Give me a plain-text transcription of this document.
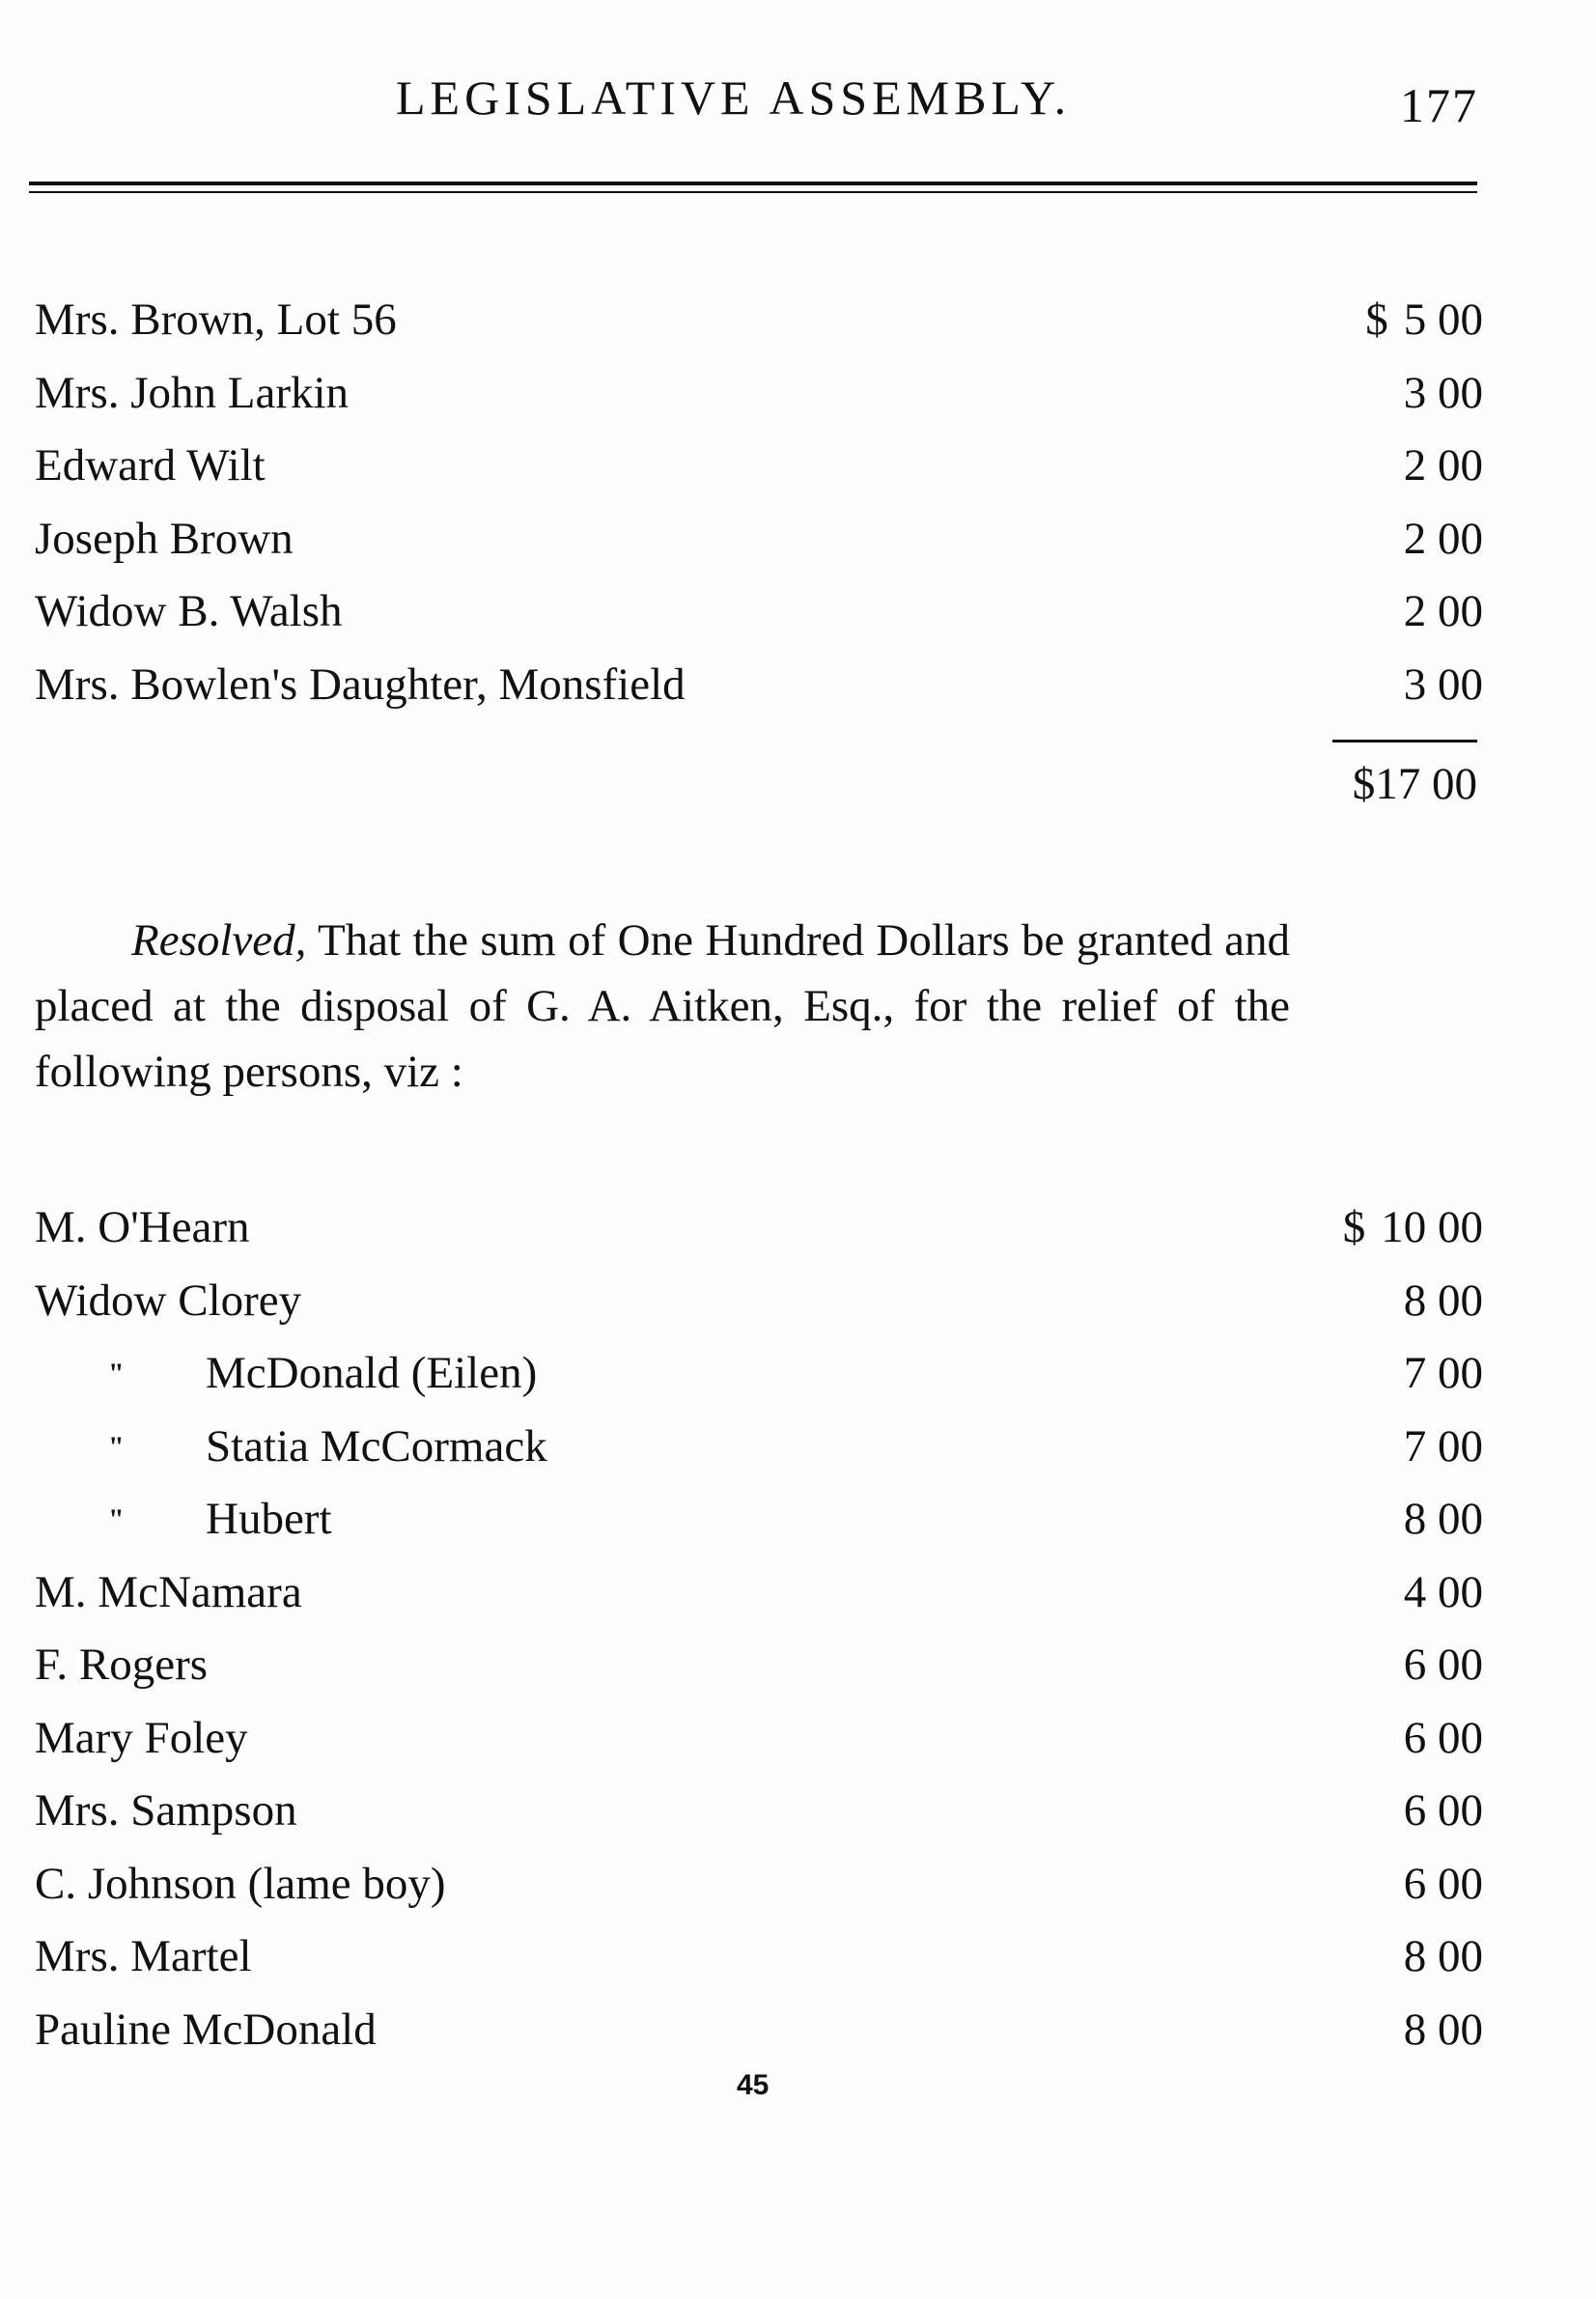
LEGISLATIVE ASSEMBLY.	177
Mrs. Brown, Lot 56	$ 5 00
Mrs. John Larkin	3 00
Edward Wilt	2 00
Joseph Brown	2 00
Widow B. Walsh	2 00
Mrs. Bowlen's Daughter, Monsfield	3 00
$17 00
Resolved, That the sum of One Hundred Dollars be granted and placed at the disposal of G. A. Aitken, Esq., for the relief of the following persons, viz :
M. O'Hearn	$ 10 00
Widow Clorey	8 00
" McDonald (Eilen)	7 00
" Statia McCormack	7 00
" Hubert	8 00
M. McNamara	4 00
F. Rogers	6 00
Mary Foley	6 00
Mrs. Sampson	6 00
C. Johnson (lame boy)	6 00
Mrs. Martel	8 00
Pauline McDonald	8 00
45
